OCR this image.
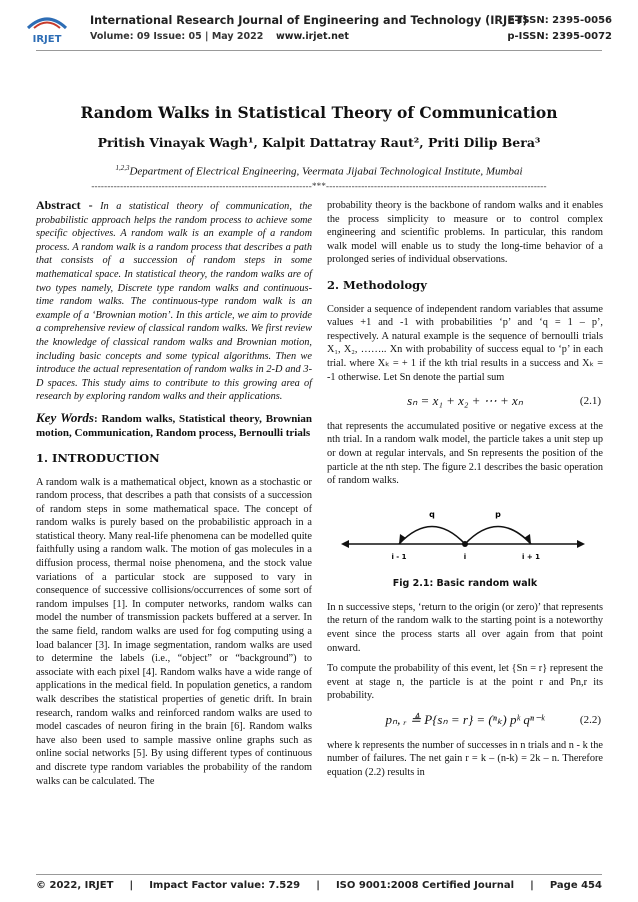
IRJET
International Research Journal of Engineering and Technology (IRJET)
e-ISSN: 2395-0056
Volume: 09 Issue: 05 | May 2022 www.irjet.net	p-ISSN: 2395-0072
Random Walks in Statistical Theory of Communication
Pritish Vinayak Wagh¹, Kalpit Dattatray Raut², Priti Dilip Bera³
$^{1,2,3}$Department of Electrical Engineering, Veermata Jijabai Technological Institute, Mumbai
---------------------------------------------------------------------***---------------------------------------------------------------------

Abstract - In a statistical theory of communication, the probabilistic approach helps the random process to achieve some specific objectives. A random walk is an example of a random process. A random walk is a random process that describes a path that consists of a succession of random steps in some mathematical space. In statistical theory, the random walks are of two types namely, Discrete type random walks and continuous-time random walks. The continuous-type random walk is an example of a ‘Brownian motion’. In this article, we aim to provide a comprehensive review of classical random walks. We first review the knowledge of classical random walks and Brownian motion, including basic concepts and some typical algorithms. Then we introduce the actual representation of random walks in 2-D and 3-D spaces. This study aims to contribute to this growing area of research by exploring random walks and their applications.

Key Words: Random walks, Statistical theory, Brownian motion, Communication, Random process, Bernoulli trials

1. INTRODUCTION

A random walk is a mathematical object, known as a stochastic or random process, that describes a path that consists of a succession of random steps in some mathematical space. The concept of random walks is purely based on the probabilistic approach in a statistical theory. Many real-life phenomena can be modelled quite faithfully using a random walk. The motion of gas molecules in a diffusion process, thermal noise phenomena, and the stock value variations of a particular stock are supposed to vary in consequence of successive collisions/occurrences of some sort of random impulses [1]. In computer networks, random walks can model the number of transmission packets buffered at a server. In the same field, random walks are used for fog computing using a load balancer [3]. In image segmentation, random walks are used to determine the labels (i.e., “object” or “background”) to associate with each pixel [4]. Random walks have a wide range of applications in the medical field. In population genetics, a random walk describes the statistical properties of genetic drift. In brain research, random walks and reinforced random walks are used to model cascades of neuron firing in the brain [6]. Random walks have also been used to sample massive online graphs such as online social networks [5]. By using different types of continuous and discrete type random variables the probability of the random walks can be calculated. The

probability theory is the backbone of random walks and it enables the process simplicity to measure or to control complex engineering and scientific problems. In particular, this random walk model will enable us to study the long-time behavior of a prolonged series of individual observations.

2. Methodology

Consider a sequence of independent random variables that assume values +1 and -1 with probabilities ‘p’ and ‘q = 1 – p’, respectively. A natural example is the sequence of bernoulli trials X₁, X₂, …….. Xn with probability of success equal to ‘p’ in each trial. where Xₖ = + 1 if the kth trial results in a success and Xₖ = -1 otherwise. Let Sn denote the partial sum

sₙ = x₁ + x₂ + ⋯ + xₙ	(2.1)

that represents the accumulated positive or negative excess at the nth trial. In a random walk model, the particle takes a unit step up or down at regular intervals, and Sn represents the position of the particle at the nth step. The figure 2.1 describes the basic operation of random walks.

q	p
i - 1	i	i + 1
Fig 2.1: Basic random walk

In n successive steps, ‘return to the origin (or zero)’ that represents the return of the random walk to the starting point is a noteworthy event since the process starts all over again from that point onward.

To compute the probability of this event, let {Sn = r} represent the event at stage n, the particle is at the point r and Pn,r its probability.

pₙ, ᵣ ≜ P{sₙ = r} = (ⁿₖ) pᵏ qⁿ⁻ᵏ	(2.2)

where k represents the number of successes in n trials and n - k the number of failures. The net gain r = k – (n-k) = 2k – n. Therefore equation (2.2) results in

© 2022, IRJET | Impact Factor value: 7.529 | ISO 9001:2008 Certified Journal | Page 454
